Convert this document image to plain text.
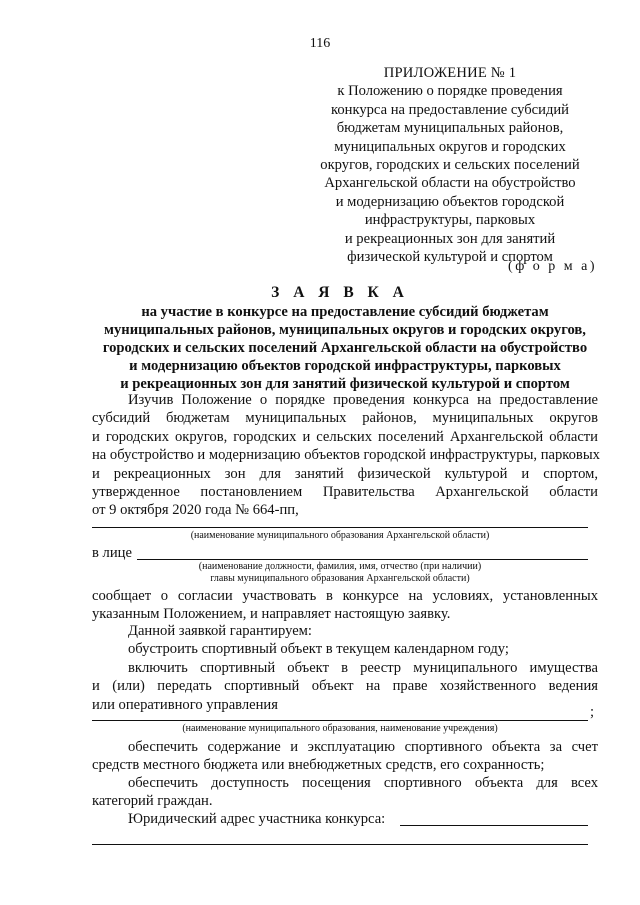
116
ПРИЛОЖЕНИЕ № 1
к Положению о порядке проведения
конкурса на предоставление субсидий
бюджетам муниципальных районов,
муниципальных округов и городских
округов, городских и сельских поселений
Архангельской области на обустройство
и модернизацию объектов городской
инфраструктуры, парковых
и рекреационных зон для занятий
физической культурой и спортом
(ф о р м а)
З А Я В К А
на участие в конкурсе на предоставление субсидий бюджетам
муниципальных районов, муниципальных округов и городских округов,
городских и сельских поселений Архангельской области на обустройство
и модернизацию объектов городской инфраструктуры, парковых
и рекреационных зон для занятий физической культурой и спортом
Изучив Положение о порядке проведения конкурса на предоставление
субсидий бюджетам муниципальных районов, муниципальных округов
и городских округов, городских и сельских поселений Архангельской области
на обустройство и модернизацию объектов городской инфраструктуры, парковых
и рекреационных зон для занятий физической культурой и спортом,
утвержденное постановлением Правительства Архангельской области
от 9 октября 2020 года № 664-пп,
(наименование муниципального образования Архангельской области)
в лице
(наименование должности, фамилия, имя, отчество (при наличии)
главы муниципального образования Архангельской области)
сообщает о согласии участвовать в конкурсе на условиях, установленных
указанным Положением, и направляет настоящую заявку.
Данной заявкой гарантируем:
обустроить спортивный объект в текущем календарном году;
включить спортивный объект в реестр муниципального имущества
и (или) передать спортивный объект на праве хозяйственного ведения
или оперативного управления	;
(наименование муниципального образования, наименование учреждения)
обеспечить содержание и эксплуатацию спортивного объекта за счет
средств местного бюджета или внебюджетных средств, его сохранность;
обеспечить доступность посещения спортивного объекта для всех
категорий граждан.
Юридический адрес участника конкурса:
